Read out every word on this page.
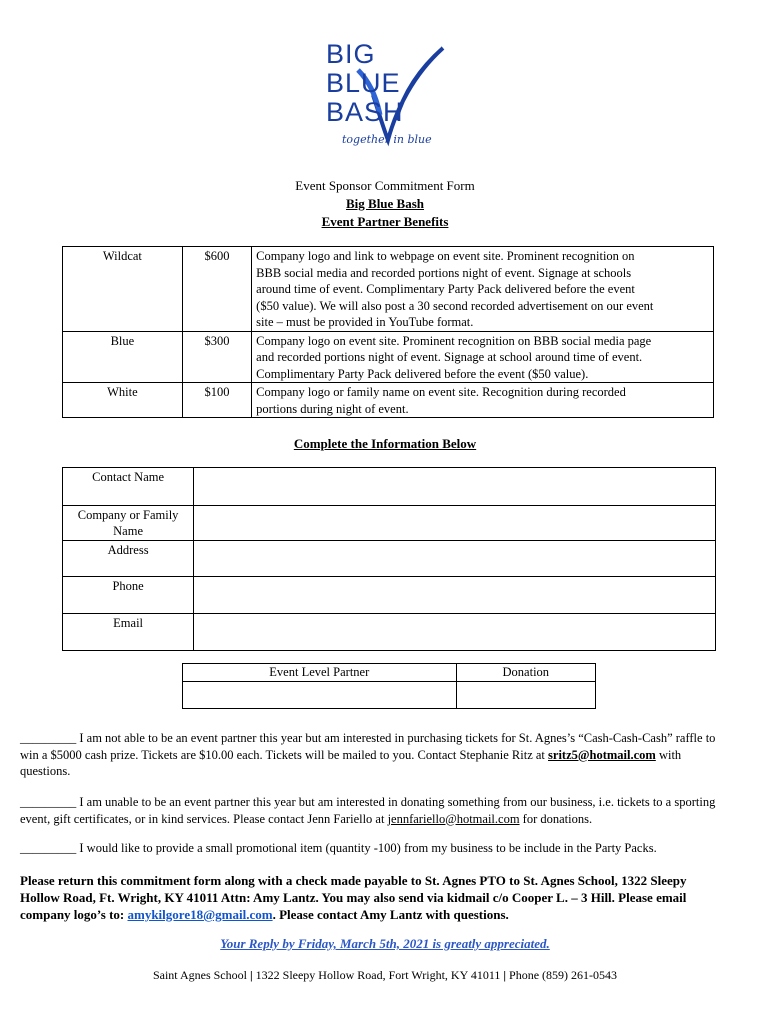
BIG
BLUE
BASH
together in blue
Event Sponsor Commitment Form
Big Blue Bash
Event Partner Benefits
Wildcat	$600	Company logo and link to webpage on event site. Prominent recognition on
BBB social media and recorded portions night of event. Signage at schools
around time of event. Complimentary Party Pack delivered before the event
($50 value). We will also post a 30 second recorded advertisement on our event
site – must be provided in YouTube format.

Blue	$300	Company logo on event site. Prominent recognition on BBB social media page
and recorded portions night of event. Signage at school around time of event.
Complimentary Party Pack delivered before the event ($50 value).

White	$100	Company logo or family name on event site. Recognition during recorded
portions during night of event.
Complete the Information Below
Contact Name	

Company or Family
Name	

Address	
Phone	
Email	
Event Level Partner	Donation

_________ I am not able to be an event partner this year but am interested in purchasing tickets for St. Agnes’s “Cash-Cash-Cash” raffle to
win a $5000 cash prize. Tickets are $10.00 each. Tickets will be mailed to you. Contact Stephanie Ritz at sritz5@hotmail.com with
questions.
_________ I am unable to be an event partner this year but am interested in donating something from our business, i.e. tickets to a sporting
event, gift certificates, or in kind services. Please contact Jenn Fariello at jennfariello@hotmail.com for donations.
_________ I would like to provide a small promotional item (quantity -100) from my business to be include in the Party Packs.
Please return this commitment form along with a check made payable to St. Agnes PTO to St. Agnes School, 1322 Sleepy
Hollow Road, Ft. Wright, KY 41011 Attn: Amy Lantz. You may also send via kidmail c/o Cooper L. – 3 Hill. Please email
company logo’s to: amykilgore18@gmail.com. Please contact Amy Lantz with questions.
Your Reply by Friday, March 5th, 2021 is greatly appreciated.
Saint Agnes School | 1322 Sleepy Hollow Road, Fort Wright, KY 41011 | Phone (859) 261-0543
